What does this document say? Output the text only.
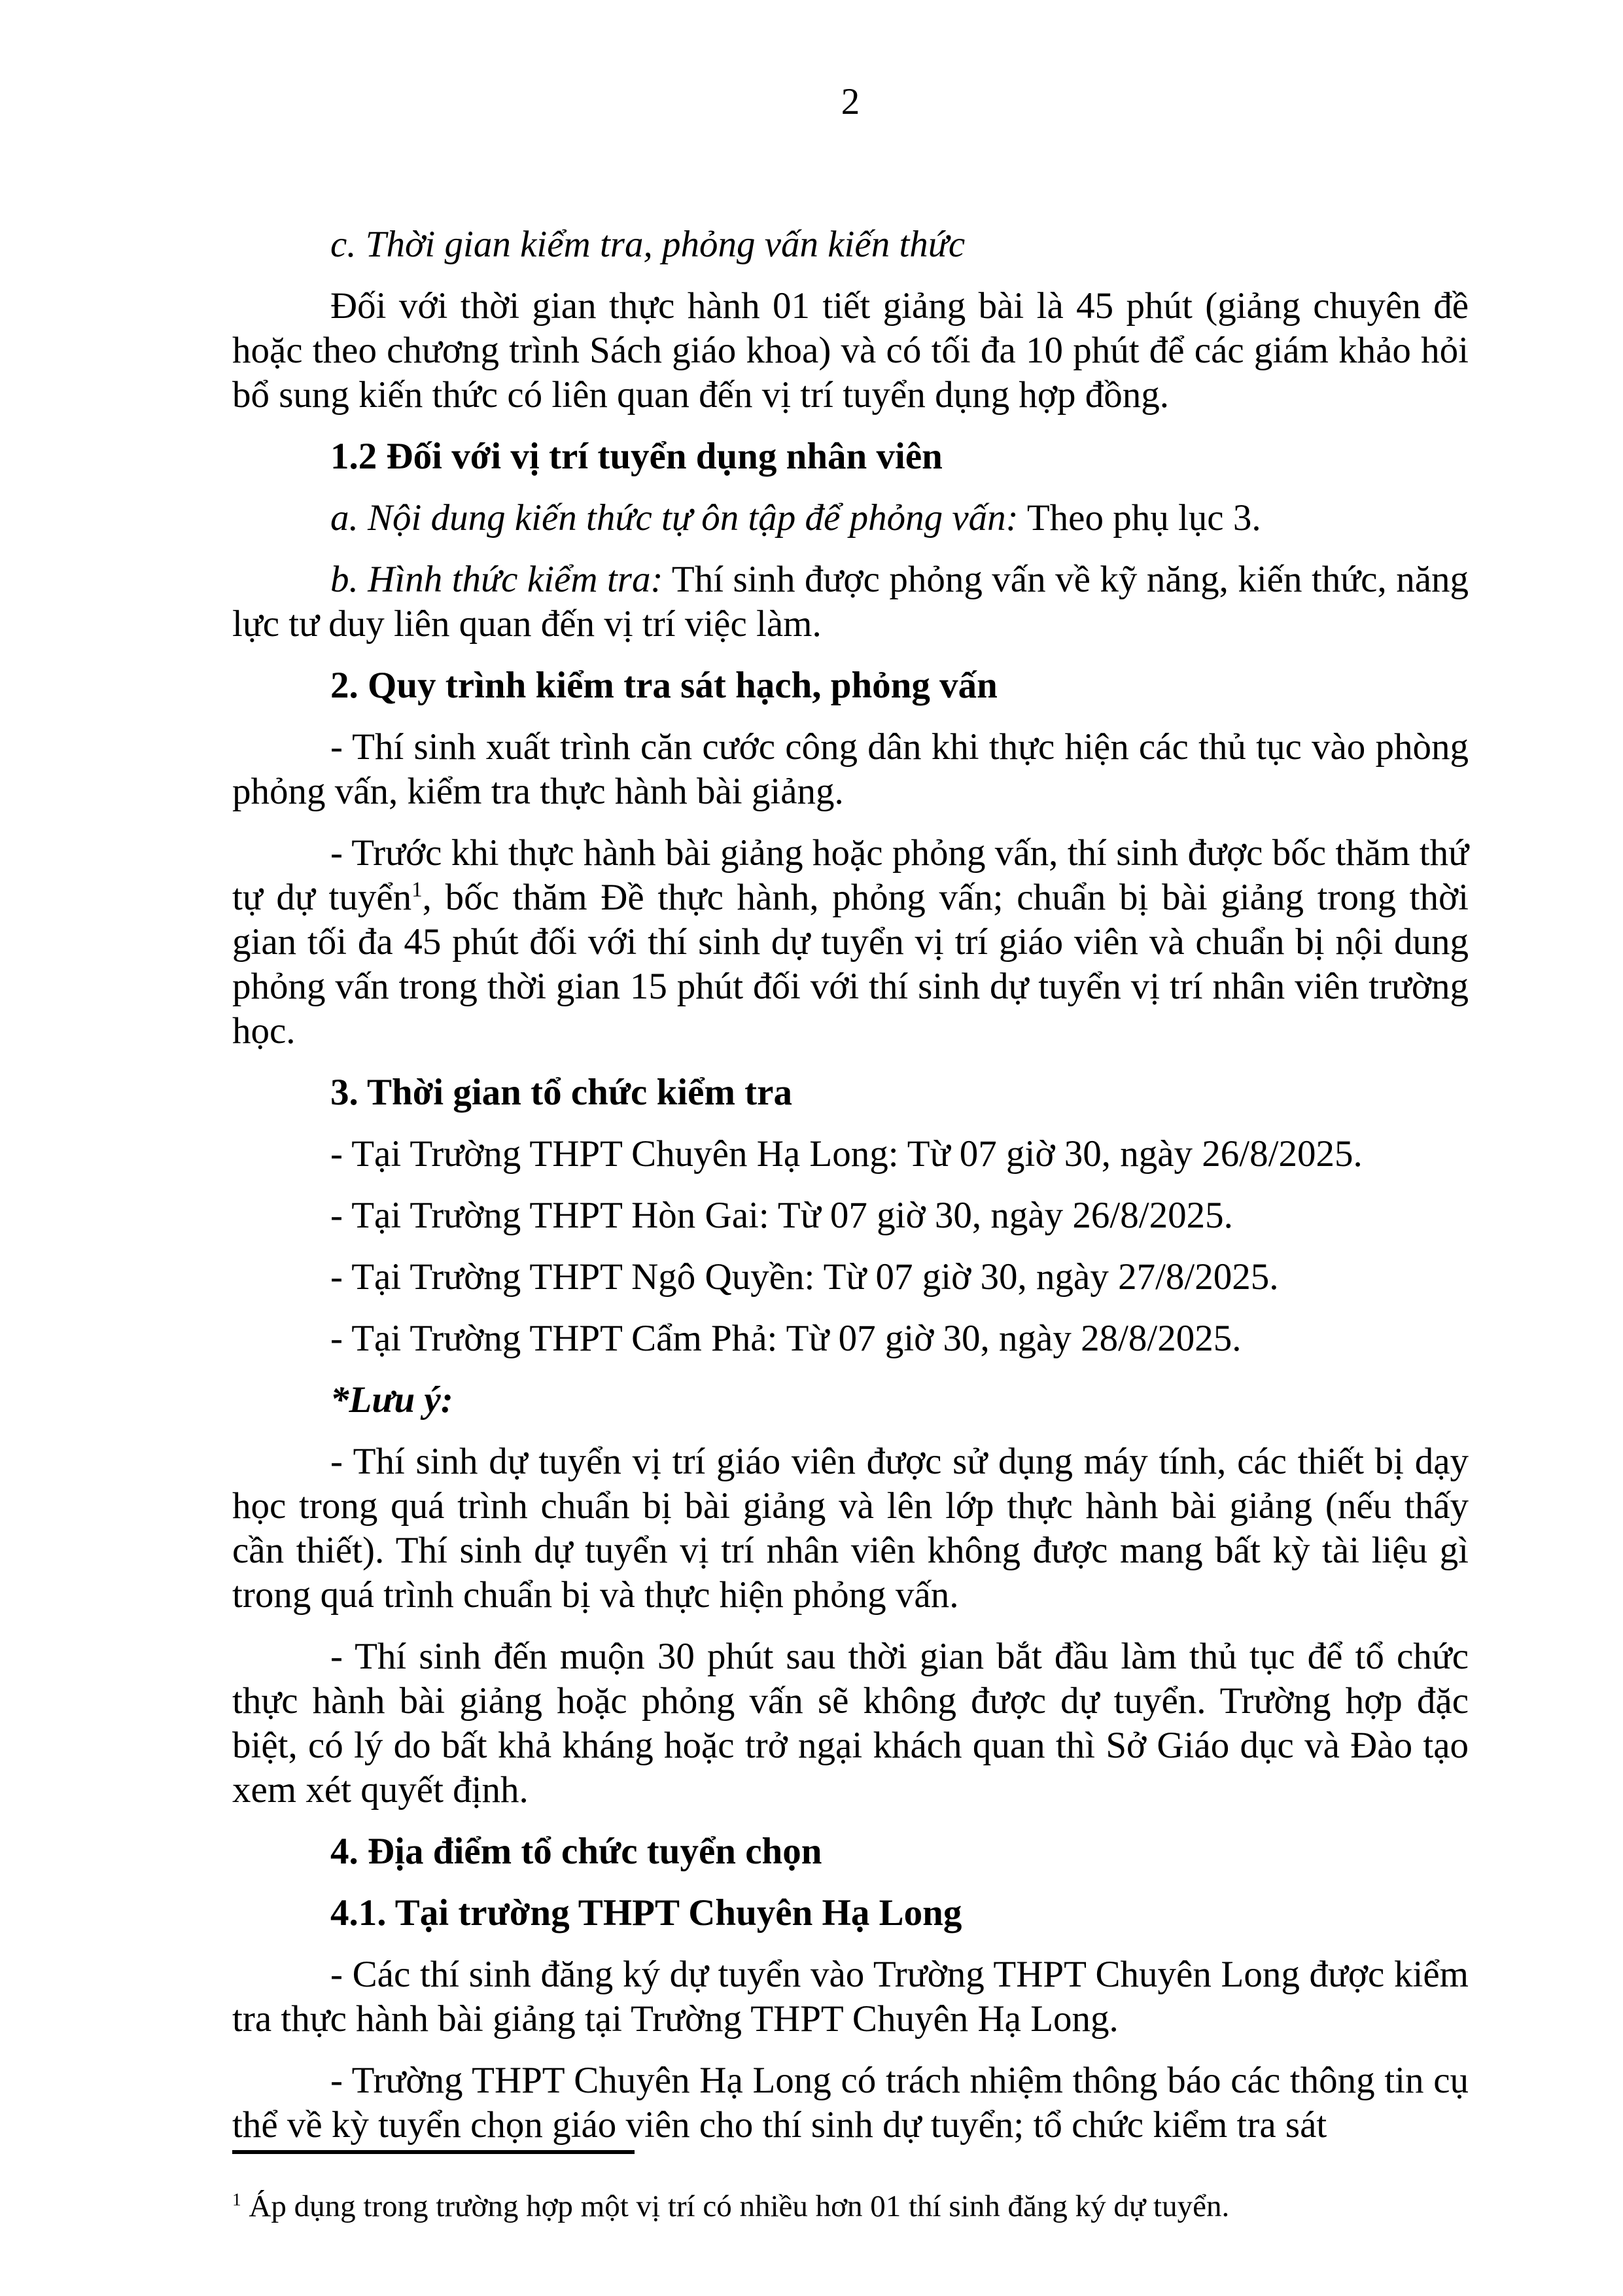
2

c. Thời gian kiểm tra, phỏng vấn kiến thức

Đối với thời gian thực hành 01 tiết giảng bài là 45 phút (giảng chuyên đề hoặc theo chương trình Sách giáo khoa) và có tối đa 10 phút để các giám khảo hỏi bổ sung kiến thức có liên quan đến vị trí tuyển dụng hợp đồng.

1.2 Đối với vị trí tuyển dụng nhân viên

a. Nội dung kiến thức tự ôn tập để phỏng vấn: Theo phụ lục 3.

b. Hình thức kiểm tra: Thí sinh được phỏng vấn về kỹ năng, kiến thức, năng lực tư duy liên quan đến vị trí việc làm.

2. Quy trình kiểm tra sát hạch, phỏng vấn

- Thí sinh xuất trình căn cước công dân khi thực hiện các thủ tục vào phòng phỏng vấn, kiểm tra thực hành bài giảng.

- Trước khi thực hành bài giảng hoặc phỏng vấn, thí sinh được bốc thăm thứ tự dự tuyển$^1$, bốc thăm Đề thực hành, phỏng vấn; chuẩn bị bài giảng trong thời gian tối đa 45 phút đối với thí sinh dự tuyển vị trí giáo viên và chuẩn bị nội dung phỏng vấn trong thời gian 15 phút đối với thí sinh dự tuyển vị trí nhân viên trường học.

3. Thời gian tổ chức kiểm tra

- Tại Trường THPT Chuyên Hạ Long: Từ 07 giờ 30, ngày 26/8/2025.

- Tại Trường THPT Hòn Gai: Từ 07 giờ 30, ngày 26/8/2025.

- Tại Trường THPT Ngô Quyền: Từ 07 giờ 30, ngày 27/8/2025.

- Tại Trường THPT Cẩm Phả: Từ 07 giờ 30, ngày 28/8/2025.

*Lưu ý:

- Thí sinh dự tuyển vị trí giáo viên được sử dụng máy tính, các thiết bị dạy học trong quá trình chuẩn bị bài giảng và lên lớp thực hành bài giảng (nếu thấy cần thiết). Thí sinh dự tuyển vị trí nhân viên không được mang bất kỳ tài liệu gì trong quá trình chuẩn bị và thực hiện phỏng vấn.

- Thí sinh đến muộn 30 phút sau thời gian bắt đầu làm thủ tục để tổ chức thực hành bài giảng hoặc phỏng vấn sẽ không được dự tuyển. Trường hợp đặc biệt, có lý do bất khả kháng hoặc trở ngại khách quan thì Sở Giáo dục và Đào tạo xem xét quyết định.

4. Địa điểm tổ chức tuyển chọn

4.1. Tại trường THPT Chuyên Hạ Long

- Các thí sinh đăng ký dự tuyển vào Trường THPT Chuyên Long được kiểm tra thực hành bài giảng tại Trường THPT Chuyên Hạ Long.

- Trường THPT Chuyên Hạ Long có trách nhiệm thông báo các thông tin cụ thể về kỳ tuyển chọn giáo viên cho thí sinh dự tuyển; tổ chức kiểm tra sát

$^1$ Áp dụng trong trường hợp một vị trí có nhiều hơn 01 thí sinh đăng ký dự tuyển.
